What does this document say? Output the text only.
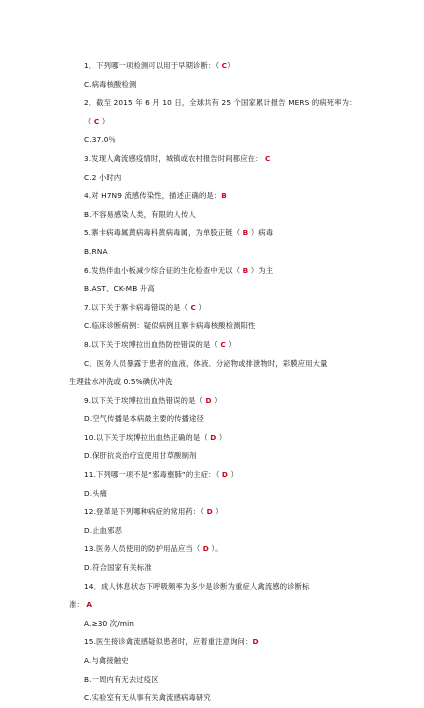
1．下列哪一项检测可以用于早期诊断：（ C）
C.病毒核酸检测
2．截至 2015 年 6 月 10 日，全球共有 25 个国家累计报告 MERS 的病死率为：
（ C ）
C.37.0％
3.发现人禽流感疫情时，城镇或农村报告时间都应在： C
C.2 小时内
4.对 H7N9 流感传染性，描述正确的是：B
B.不容易感染人类，有限的人传人
5.寨卡病毒属黄病毒科黄病毒属，为单股正链（ B ）病毒
B.RNA
6.发热伴血小板减少综合征的生化检查中无以（ B ）为主
B.AST、CK-MB 升高
7.以下关于寨卡病毒错误的是（ C ）
C.临床诊断病例：疑似病例且寨卡病毒核酸检测阳性
8.以下关于埃博拉出血热防控错误的是（ C ）
C．医务人员暴露于患者的血液、体液、分泌物或排泄物时，彩膜应用大量
生理盐水冲洗或 0.5%碘伏冲洗
9.以下关于埃博拉出血热错误的是（ D ）
D.空气传播是本病最主要的传播途径
10.以下关于埃博拉出血热正确的是（ D ）
D.保肝抗炎治疗宜使用甘草酸制剂
11.下列哪一项不是“邪毒壅肺”的主症：（ D ）
D.头痛
12.登革是下列哪种病症的常用药：（ D ）
D.止血邪恶
13.医务人员使用的防护用品应当（ D ）。
D.符合国家有关标准
14．成人休息状态下呼吸频率为多少是诊断为重症人禽流感的诊断标
准： A
A.≥30 次/min
15.医生接诊禽流感疑似患者时，应着重注意询问：D
A.与禽接触史
B.一周内有无去过疫区
C.实验室有无从事有关禽流感病毒研究
